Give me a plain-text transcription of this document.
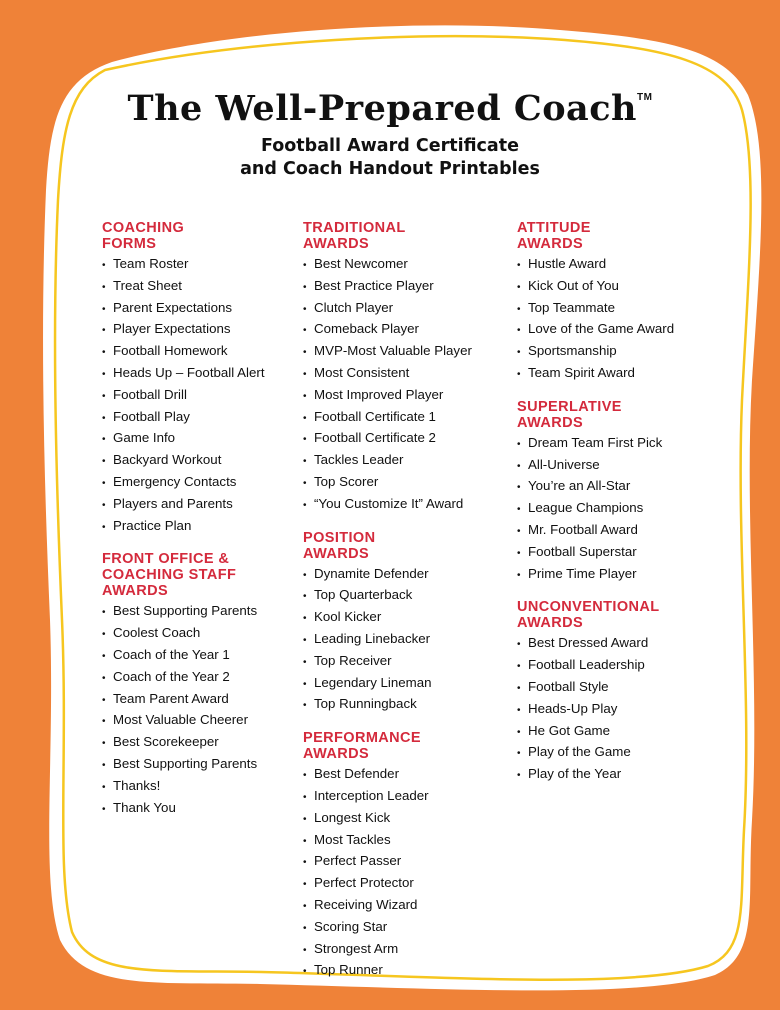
The Well-Prepared Coach™
Football Award Certificate
and Coach Handout Printables
COACHING
FORMS
• Team Roster
• Treat Sheet
• Parent Expectations
• Player Expectations
• Football Homework
• Heads Up – Football Alert
• Football Drill
• Football Play
• Game Info
• Backyard Workout
• Emergency Contacts
• Players and Parents
• Practice Plan
FRONT OFFICE &
COACHING STAFF
AWARDS
• Best Supporting Parents
• Coolest Coach
• Coach of the Year 1
• Coach of the Year 2
• Team Parent Award
• Most Valuable Cheerer
• Best Scorekeeper
• Best Supporting Parents
• Thanks!
• Thank You
TRADITIONAL
AWARDS
• Best Newcomer
• Best Practice Player
• Clutch Player
• Comeback Player
• MVP-Most Valuable Player
• Most Consistent
• Most Improved Player
• Football Certificate 1
• Football Certificate 2
• Tackles Leader
• Top Scorer
• “You Customize It” Award
POSITION
AWARDS
• Dynamite Defender
• Top Quarterback
• Kool Kicker
• Leading Linebacker
• Top Receiver
• Legendary Lineman
• Top Runningback
PERFORMANCE
AWARDS
• Best Defender
• Interception Leader
• Longest Kick
• Most Tackles
• Perfect Passer
• Perfect Protector
• Receiving Wizard
• Scoring Star
• Strongest Arm
• Top Runner
ATTITUDE
AWARDS
• Hustle Award
• Kick Out of You
• Top Teammate
• Love of the Game Award
• Sportsmanship
• Team Spirit Award
SUPERLATIVE
AWARDS
• Dream Team First Pick
• All-Universe
• You’re an All-Star
• League Champions
• Mr. Football Award
• Football Superstar
• Prime Time Player
UNCONVENTIONAL
AWARDS
• Best Dressed Award
• Football Leadership
• Football Style
• Heads-Up Play
• He Got Game
• Play of the Game
• Play of the Year
